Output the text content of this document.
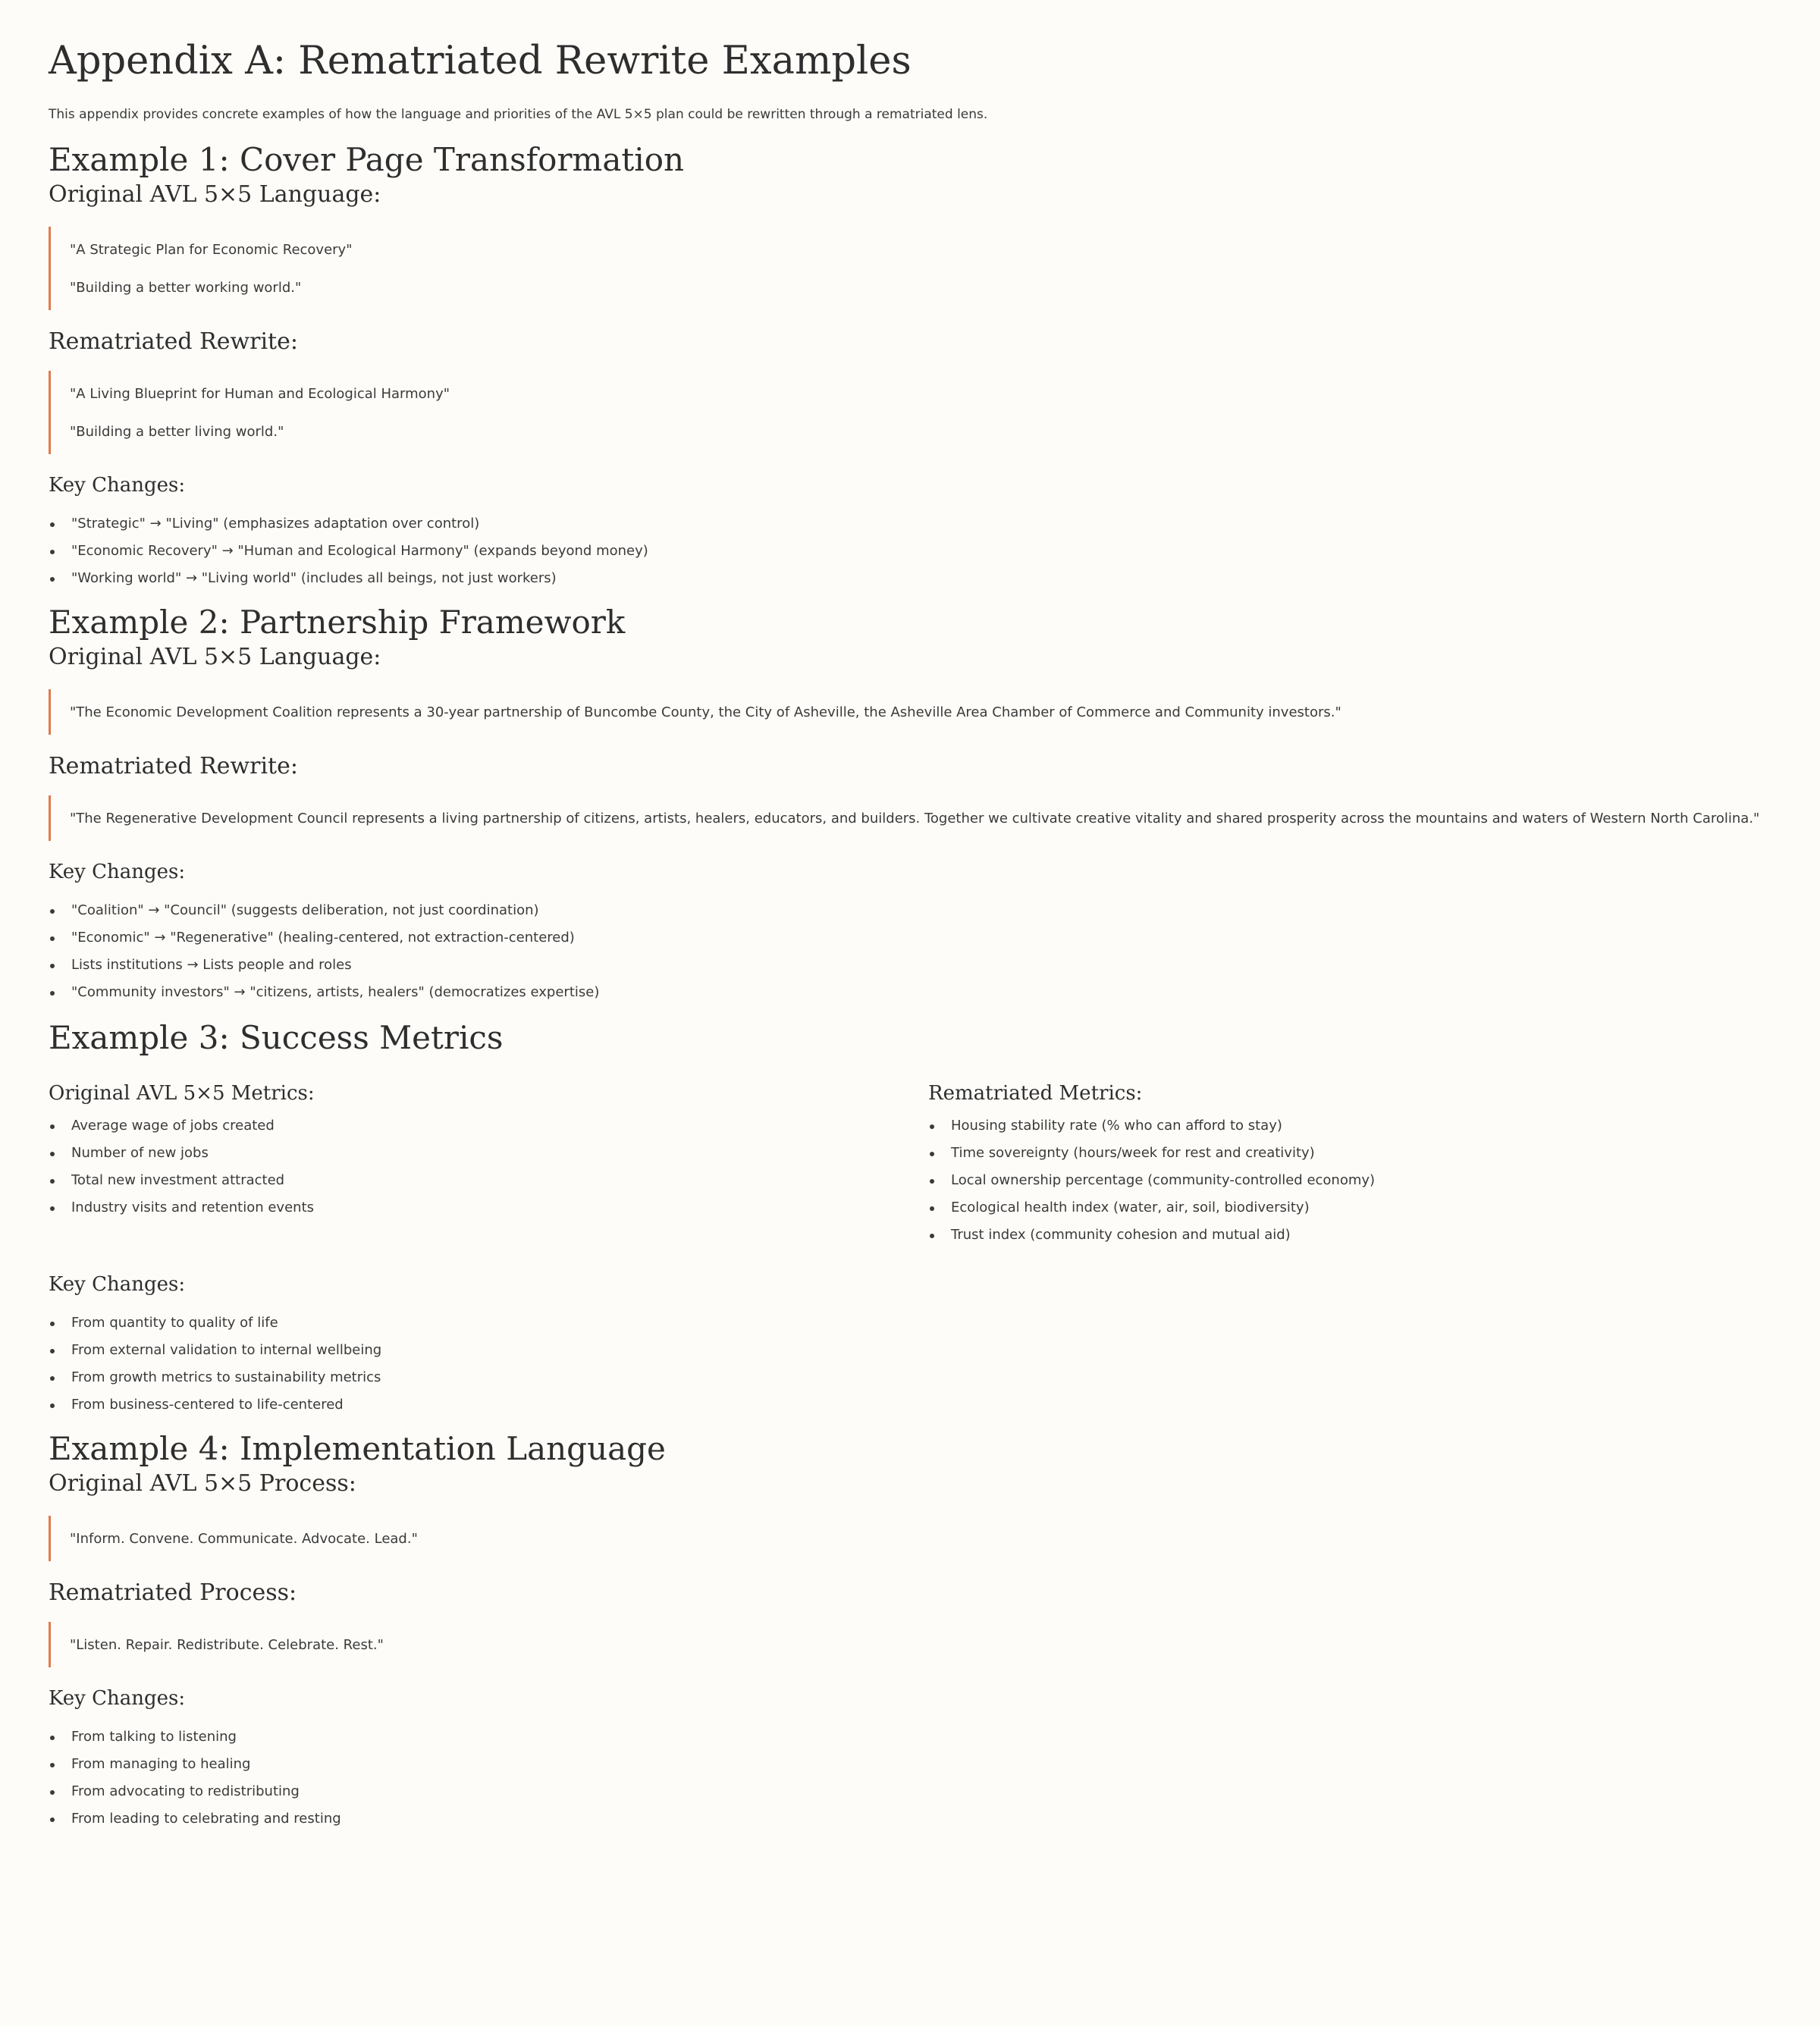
Appendix A: Rematriated Rewrite Examples

This appendix provides concrete examples of how the language and priorities of the AVL 5×5 plan could be rewritten through a rematriated lens.

Example 1: Cover Page Transformation
Original AVL 5×5 Language:

"A Strategic Plan for Economic Recovery"

"Building a better working world."

Rematriated Rewrite:

"A Living Blueprint for Human and Ecological Harmony"

"Building a better living world."

Key Changes:
"Strategic" → "Living" (emphasizes adaptation over control)
"Economic Recovery" → "Human and Ecological Harmony" (expands beyond money)
"Working world" → "Living world" (includes all beings, not just workers)
Example 2: Partnership Framework
Original AVL 5×5 Language:

"The Economic Development Coalition represents a 30-year partnership of Buncombe County, the City of Asheville, the Asheville Area Chamber of Commerce and Community investors."

Rematriated Rewrite:

"The Regenerative Development Council represents a living partnership of citizens, artists, healers, educators, and builders. Together we cultivate creative vitality and shared prosperity across the mountains and waters of Western North Carolina."

Key Changes:
"Coalition" → "Council" (suggests deliberation, not just coordination)
"Economic" → "Regenerative" (healing-centered, not extraction-centered)
Lists institutions → Lists people and roles
"Community investors" → "citizens, artists, healers" (democratizes expertise)
Example 3: Success Metrics
Original AVL 5×5 Metrics:
Average wage of jobs created
Number of new jobs
Total new investment attracted
Industry visits and retention events
Rematriated Metrics:
Housing stability rate (% who can afford to stay)
Time sovereignty (hours/week for rest and creativity)
Local ownership percentage (community-controlled economy)
Ecological health index (water, air, soil, biodiversity)
Trust index (community cohesion and mutual aid)
Key Changes:
From quantity to quality of life
From external validation to internal wellbeing
From growth metrics to sustainability metrics
From business-centered to life-centered
Example 4: Implementation Language
Original AVL 5×5 Process:

"Inform. Convene. Communicate. Advocate. Lead."

Rematriated Process:

"Listen. Repair. Redistribute. Celebrate. Rest."

Key Changes:
From talking to listening
From managing to healing
From advocating to redistributing
From leading to celebrating and resting
